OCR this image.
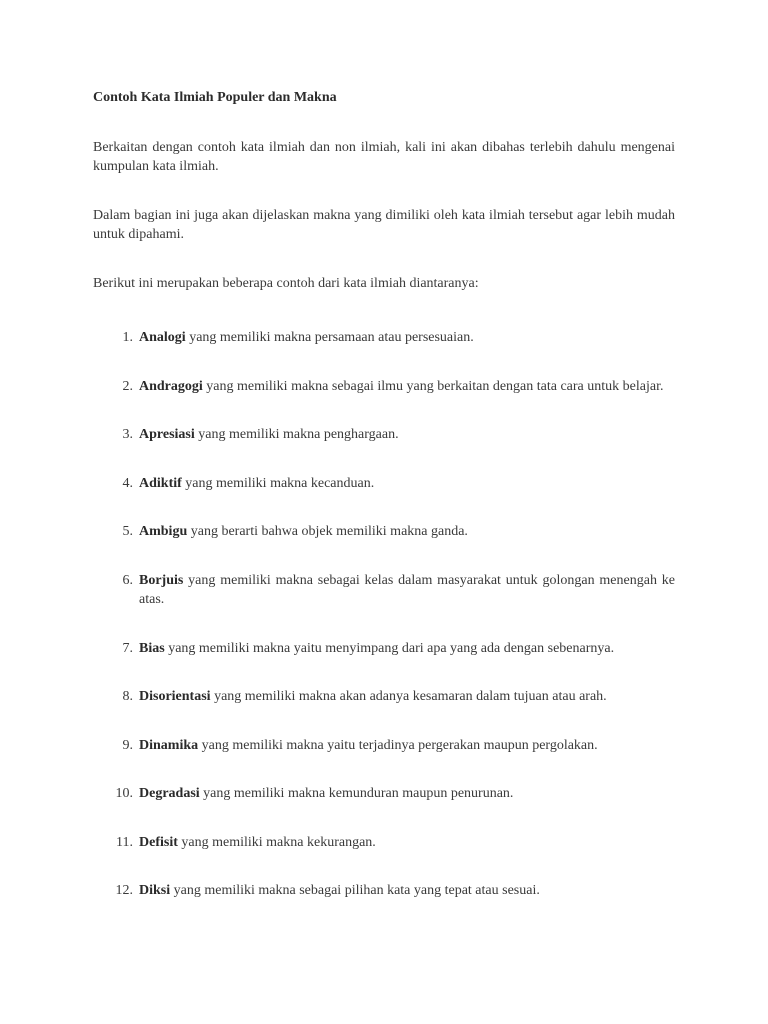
Contoh Kata Ilmiah Populer dan Makna

Berkaitan dengan contoh kata ilmiah dan non ilmiah, kali ini akan dibahas terlebih dahulu mengenai kumpulan kata ilmiah.

Dalam bagian ini juga akan dijelaskan makna yang dimiliki oleh kata ilmiah tersebut agar lebih mudah untuk dipahami.

Berikut ini merupakan beberapa contoh dari kata ilmiah diantaranya:

1. Analogi yang memiliki makna persamaan atau persesuaian.
2. Andragogi yang memiliki makna sebagai ilmu yang berkaitan dengan tata cara untuk belajar.
3. Apresiasi yang memiliki makna penghargaan.
4. Adiktif yang memiliki makna kecanduan.
5. Ambigu yang berarti bahwa objek memiliki makna ganda.
6. Borjuis yang memiliki makna sebagai kelas dalam masyarakat untuk golongan menengah ke atas.
7. Bias yang memiliki makna yaitu menyimpang dari apa yang ada dengan sebenarnya.
8. Disorientasi yang memiliki makna akan adanya kesamaran dalam tujuan atau arah.
9. Dinamika yang memiliki makna yaitu terjadinya pergerakan maupun pergolakan.
10. Degradasi yang memiliki makna kemunduran maupun penurunan.
11. Defisit yang memiliki makna kekurangan.
12. Diksi yang memiliki makna sebagai pilihan kata yang tepat atau sesuai.
